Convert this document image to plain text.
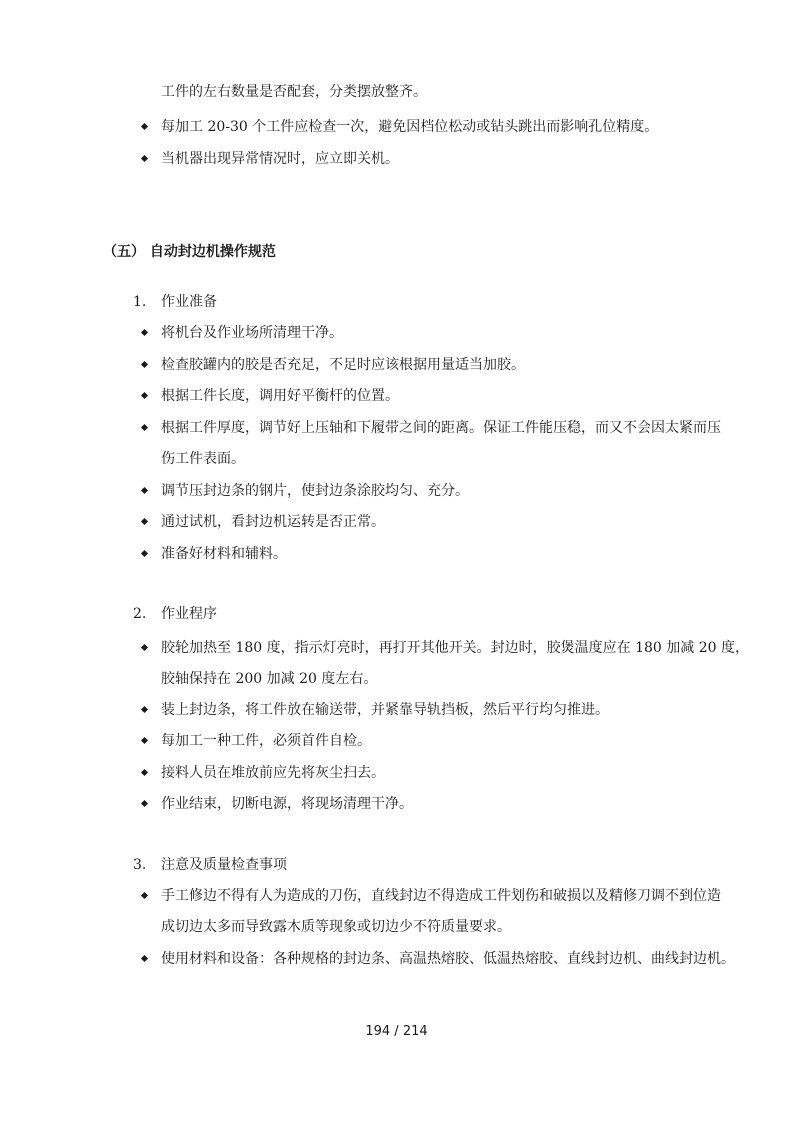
工件的左右数量是否配套，分类摆放整齐。
每加工 20-30 个工件应检查一次，避免因档位松动或钻头跳出而影响孔位精度。
当机器出现异常情况时，应立即关机。
（五） 自动封边机操作规范
1. 作业准备
将机台及作业场所清理干净。
检查胶罐内的胶是否充足，不足时应该根据用量适当加胶。
根据工件长度，调用好平衡杆的位置。
根据工件厚度，调节好上压轴和下履带之间的距离。保证工件能压稳，而又不会因太紧而压
伤工件表面。
调节压封边条的钢片，使封边条涂胶均匀、充分。
通过试机，看封边机运转是否正常。
准备好材料和辅料。
2. 作业程序
胶轮加热至 180 度，指示灯亮时，再打开其他开关。封边时，胶煲温度应在 180 加减 20 度，
胶轴保持在 200 加减 20 度左右。
装上封边条，将工件放在输送带，并紧靠导轨挡板，然后平行均匀推进。
每加工一种工件，必须首件自检。
接料人员在堆放前应先将灰尘扫去。
作业结束，切断电源，将现场清理干净。
3. 注意及质量检查事项
手工修边不得有人为造成的刀伤，直线封边不得造成工件划伤和破损以及精修刀调不到位造
成切边太多而导致露木质等现象或切边少不符质量要求。
使用材料和设备：各种规格的封边条、高温热熔胶、低温热熔胶、直线封边机、曲线封边机。
194 / 214
